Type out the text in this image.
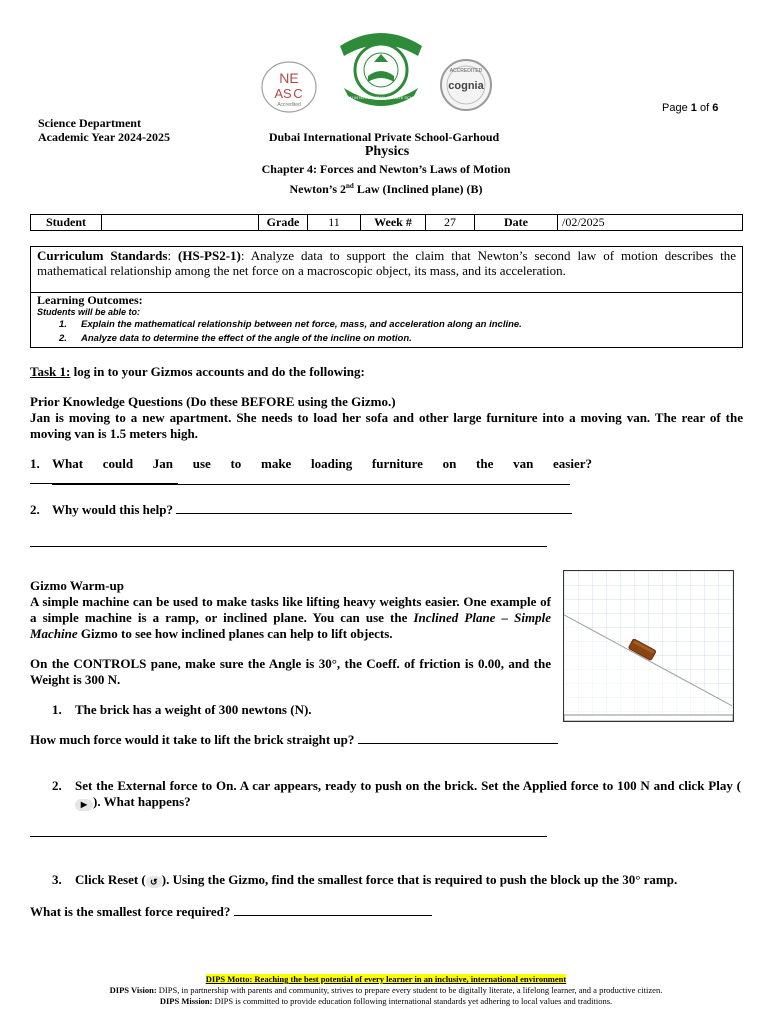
NE
AS C
Accredited
DUBAI INTERNATIONAL PRIVATE SCHOOL
ACCREDITED
cognia
Page 1 of 6
Science Department
Academic Year 2024-2025	Dubai International Private School-Garhoud
Physics
Chapter 4: Forces and Newton’s Laws of Motion
Newton’s 2nd Law (Inclined plane) (B)
Student		Grade	11	Week #	27	Date	/02/2025
Curriculum Standards: (HS-PS2-1): Analyze data to support the claim that Newton’s second law of motion describes the mathematical relationship among the net force on a macroscopic object, its mass, and its acceleration.
Learning Outcomes:
Students will be able to:
1. Explain the mathematical relationship between net force, mass, and acceleration along an incline.
2. Analyze data to determine the effect of the angle of the incline on motion.
Task 1: log in to your Gizmos accounts and do the following:
Prior Knowledge Questions (Do these BEFORE using the Gizmo.)
Jan is moving to a new apartment. She needs to load her sofa and other large furniture into a moving van. The rear of the moving van is 1.5 meters high.
1. What could Jan use to make loading furniture on the van easier?
2. Why would this help?
Gizmo Warm-up
A simple machine can be used to make tasks like lifting heavy weights easier. One example of a simple machine is a ramp, or inclined plane. You can use the Inclined Plane – Simple Machine Gizmo to see how inclined planes can help to lift objects.
On the CONTROLS pane, make sure the Angle is 30°, the Coeff. of friction is 0.00, and the Weight is 300 N.
1. The brick has a weight of 300 newtons (N).
How much force would it take to lift the brick straight up?
2.	Set the External force to On. A car appears, ready to push on the brick. Set the Applied force to 100 N and click Play (▶ ). What happens?
3. Click Reset ( ↺ ). Using the Gizmo, find the smallest force that is required to push the block up the 30° ramp.
What is the smallest force required?
DIPS Motto: Reaching the best potential of every learner in an inclusive, international environment
DIPS Vision: DIPS, in partnership with parents and community, strives to prepare every student to be digitally literate, a lifelong learner, and a productive citizen.
DIPS Mission: DIPS is committed to provide education following international standards yet adhering to local values and traditions.
